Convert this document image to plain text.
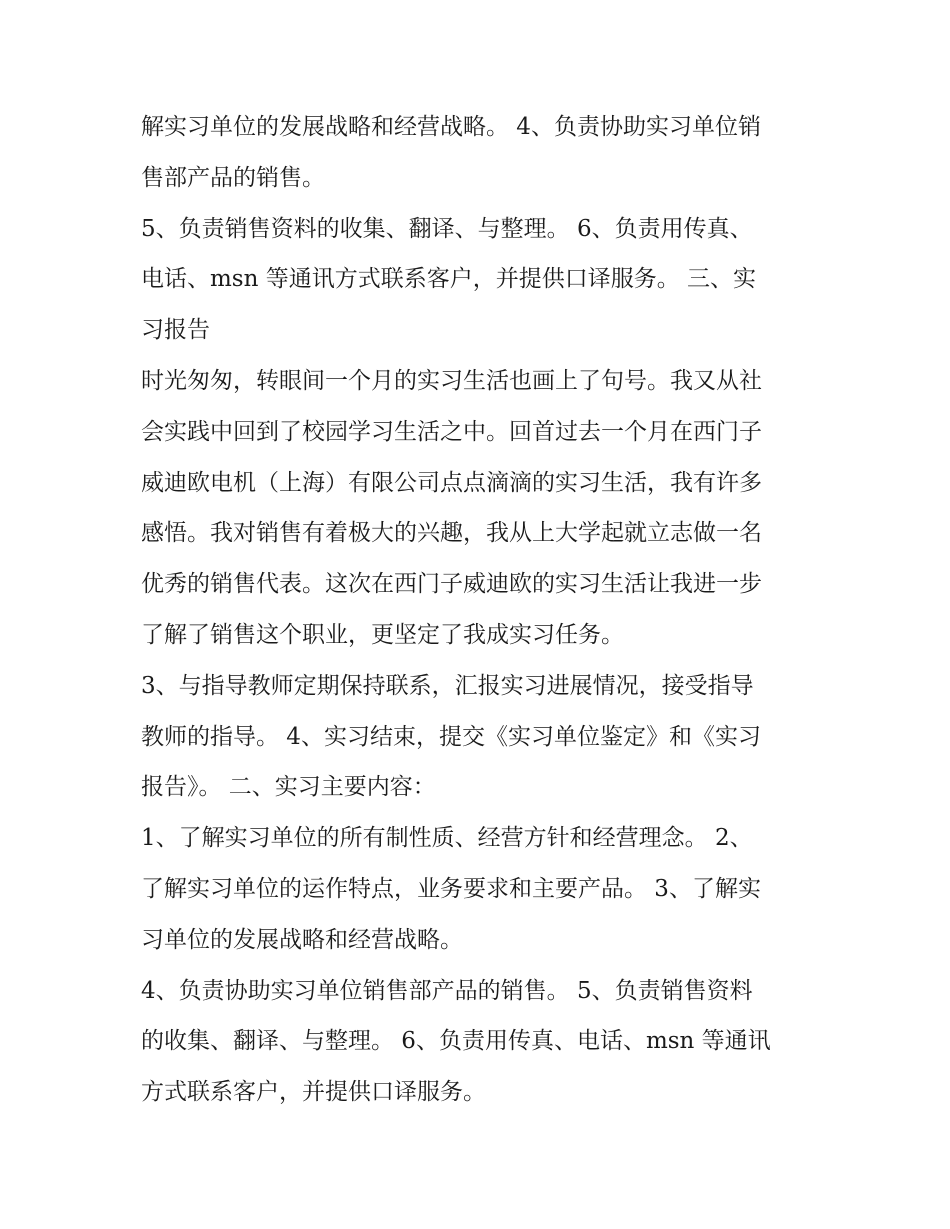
解实习单位的发展战略和经营战略。 4、负责协助实习单位销
售部产品的销售。
5、负责销售资料的收集、翻译、与整理。 6、负责用传真、
电话、msn 等通讯方式联系客户，并提供口译服务。 三、实
习报告
时光匆匆，转眼间一个月的实习生活也画上了句号。我又从社
会实践中回到了校园学习生活之中。回首过去一个月在西门子
威迪欧电机（上海）有限公司点点滴滴的实习生活，我有许多
感悟。我对销售有着极大的兴趣，我从上大学起就立志做一名
优秀的销售代表。这次在西门子威迪欧的实习生活让我进一步
了解了销售这个职业，更坚定了我成实习任务。
3、与指导教师定期保持联系，汇报实习进展情况，接受指导
教师的指导。 4、实习结束，提交《实习单位鉴定》和《实习
报告》。 二、实习主要内容：
1、了解实习单位的所有制性质、经营方针和经营理念。 2、
了解实习单位的运作特点，业务要求和主要产品。 3、了解实
习单位的发展战略和经营战略。
4、负责协助实习单位销售部产品的销售。 5、负责销售资料
的收集、翻译、与整理。 6、负责用传真、电话、msn 等通讯
方式联系客户，并提供口译服务。
